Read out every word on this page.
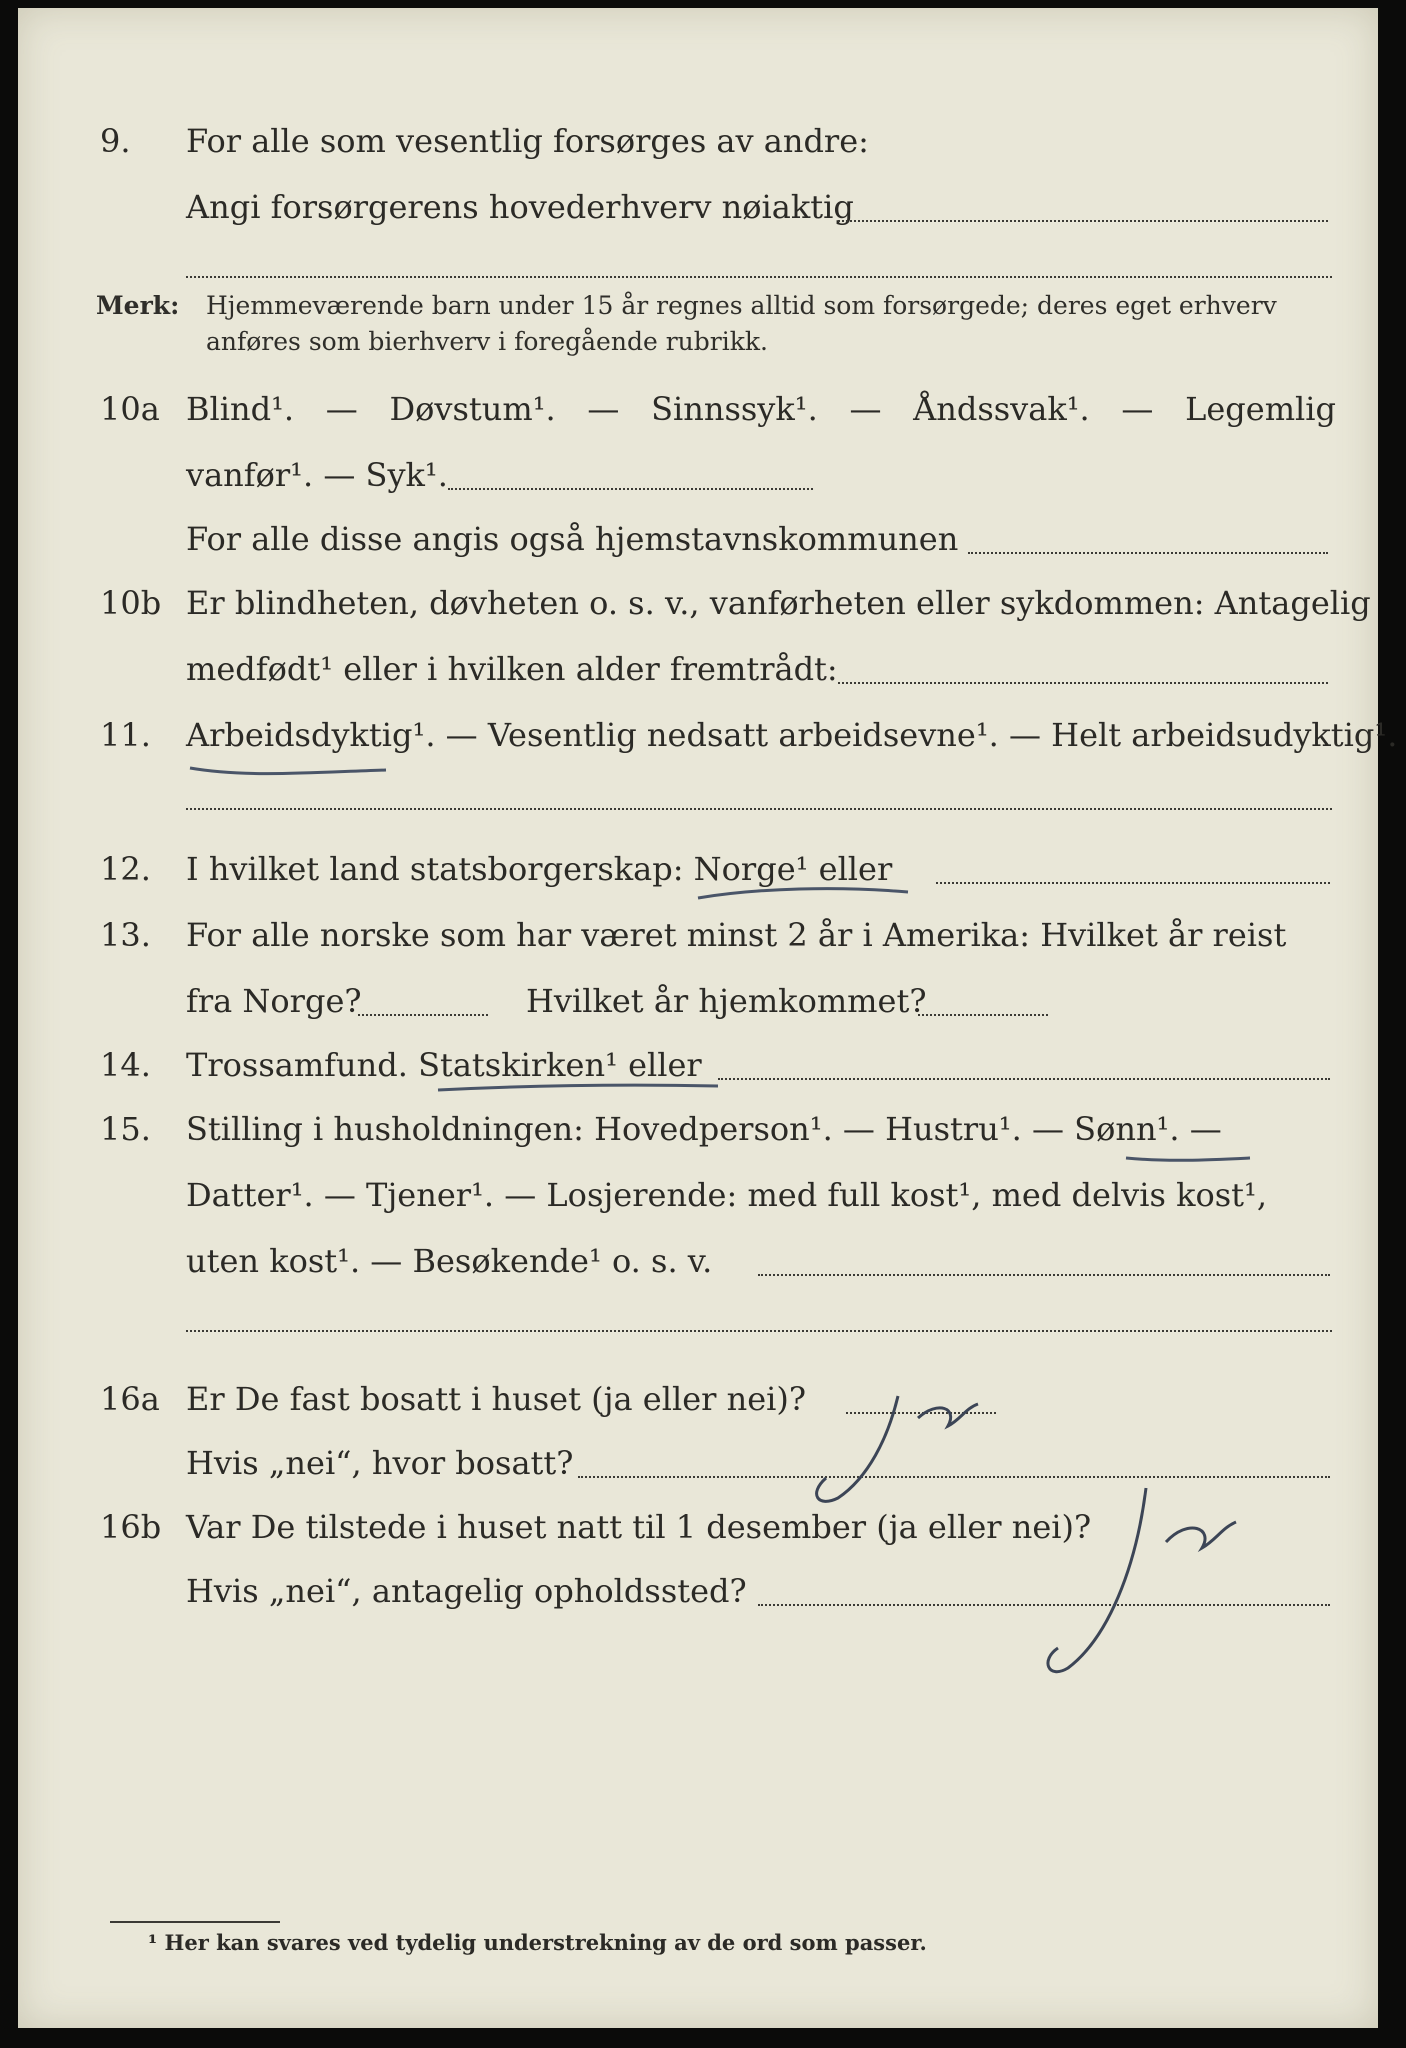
9. For alle som vesentlig forsørges av andre:
Angi forsørgerens hovederhverv nøiaktig
Merk: Hjemmeværende barn under 15 år regnes alltid som forsørgede; deres eget erhverv anføres som bierhverv i foregående rubrikk.
10a Blind¹. — Døvstum¹. — Sinnssyk¹. — Åndssvak¹. — Legemlig
vanfør¹. — Syk¹.
For alle disse angis også hjemstavnskommunen
10b Er blindheten, døvheten o. s. v., vanførheten eller sykdommen: Antagelig
medfødt¹ eller i hvilken alder fremtrådt:
11. Arbeidsdyktig¹. — Vesentlig nedsatt arbeidsevne¹. — Helt arbeidsudyktig¹.
12. I hvilket land statsborgerskap: Norge¹ eller
13. For alle norske som har været minst 2 år i Amerika: Hvilket år reist
fra Norge?	Hvilket år hjemkommet?
14. Trossamfund. Statskirken¹ eller
15. Stilling i husholdningen: Hovedperson¹. — Hustru¹. — Sønn¹. —
Datter¹. — Tjener¹. — Losjerende: med full kost¹, med delvis kost¹,
uten kost¹. — Besøkende¹ o. s. v.
16a Er De fast bosatt i huset (ja eller nei)?
Hvis „nei“, hvor bosatt?
16b Var De tilstede i huset natt til 1 desember (ja eller nei)?
Hvis „nei“, antagelig opholdssted?
¹ Her kan svares ved tydelig understrekning av de ord som passer.
